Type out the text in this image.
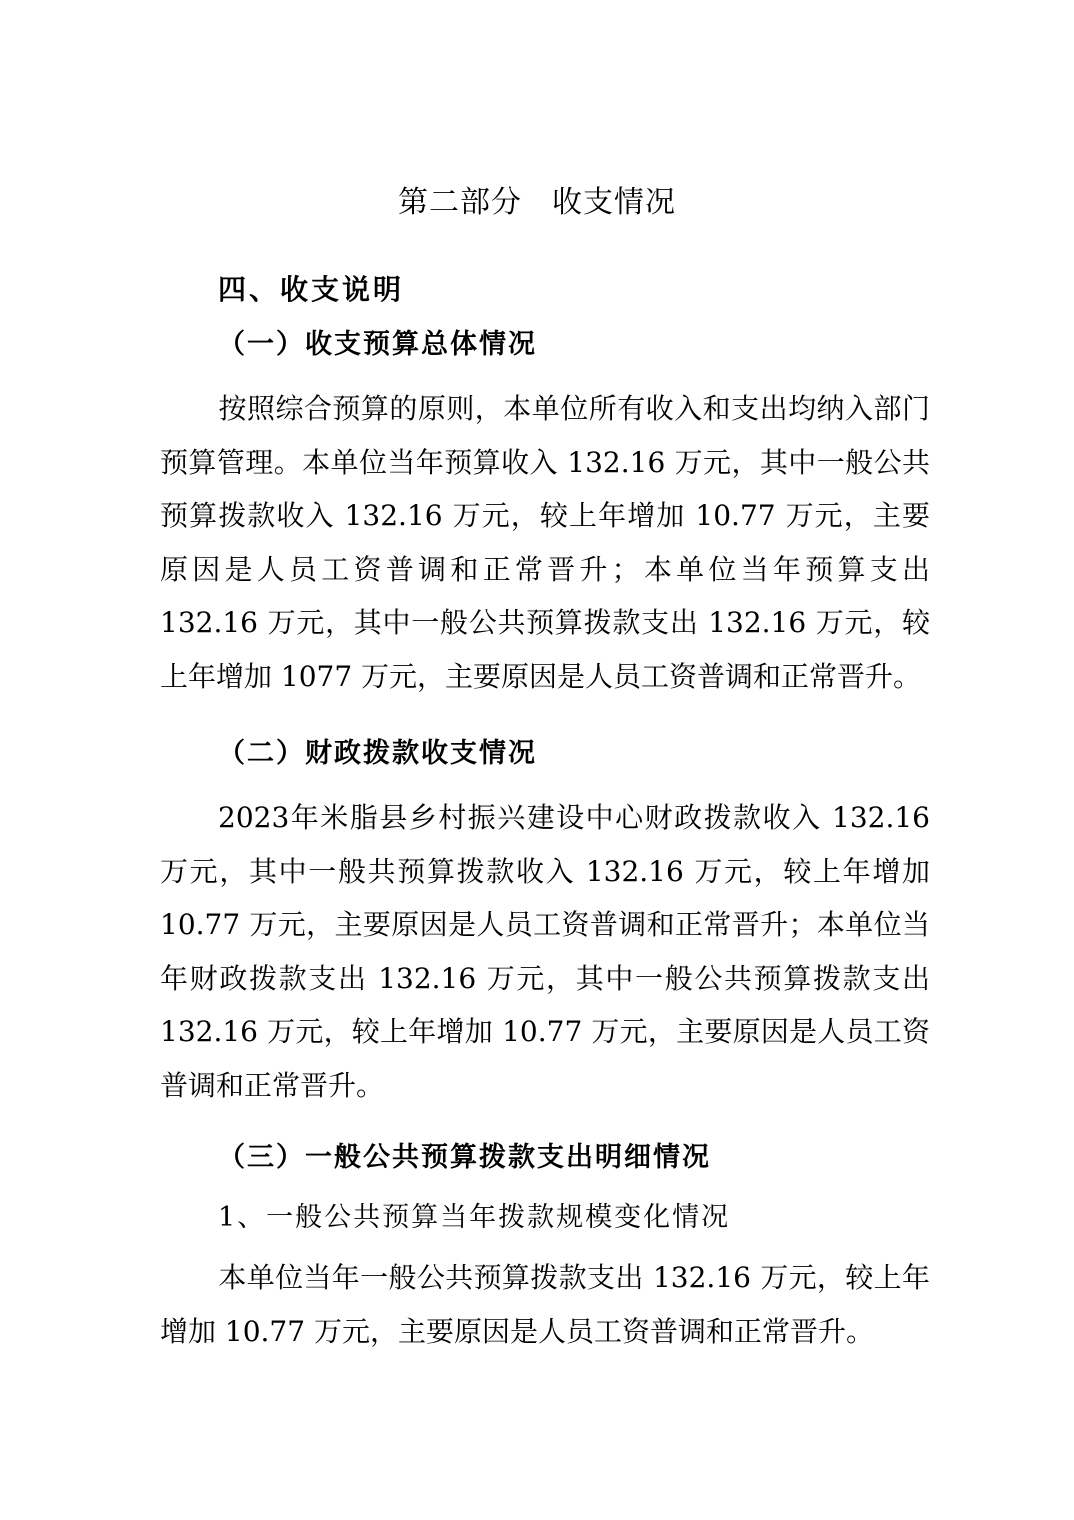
第二部分 收支情况
四、收支说明
（一）收支预算总体情况

按照综合预算的原则，本单位所有收入和支出均纳入部门预算管理。本单位当年预算收入 132.16 万元，其中一般公共预算拨款收入 132.16 万元，较上年增加 10.77 万元，主要原因是人员工资普调和正常晋升；本单位当年预算支出 132.16 万元，其中一般公共预算拨款支出 132.16 万元，较上年增加 1077 万元，主要原因是人员工资普调和正常晋升。

（二）财政拨款收支情况

2023年米脂县乡村振兴建设中心财政拨款收入 132.16 万元，其中一般共预算拨款收入 132.16 万元，较上年增加 10.77 万元，主要原因是人员工资普调和正常晋升；本单位当年财政拨款支出 132.16 万元，其中一般公共预算拨款支出 132.16 万元，较上年增加 10.77 万元，主要原因是人员工资普调和正常晋升。

（三）一般公共预算拨款支出明细情况

1、一般公共预算当年拨款规模变化情况

本单位当年一般公共预算拨款支出 132.16 万元，较上年增加 10.77 万元，主要原因是人员工资普调和正常晋升。
